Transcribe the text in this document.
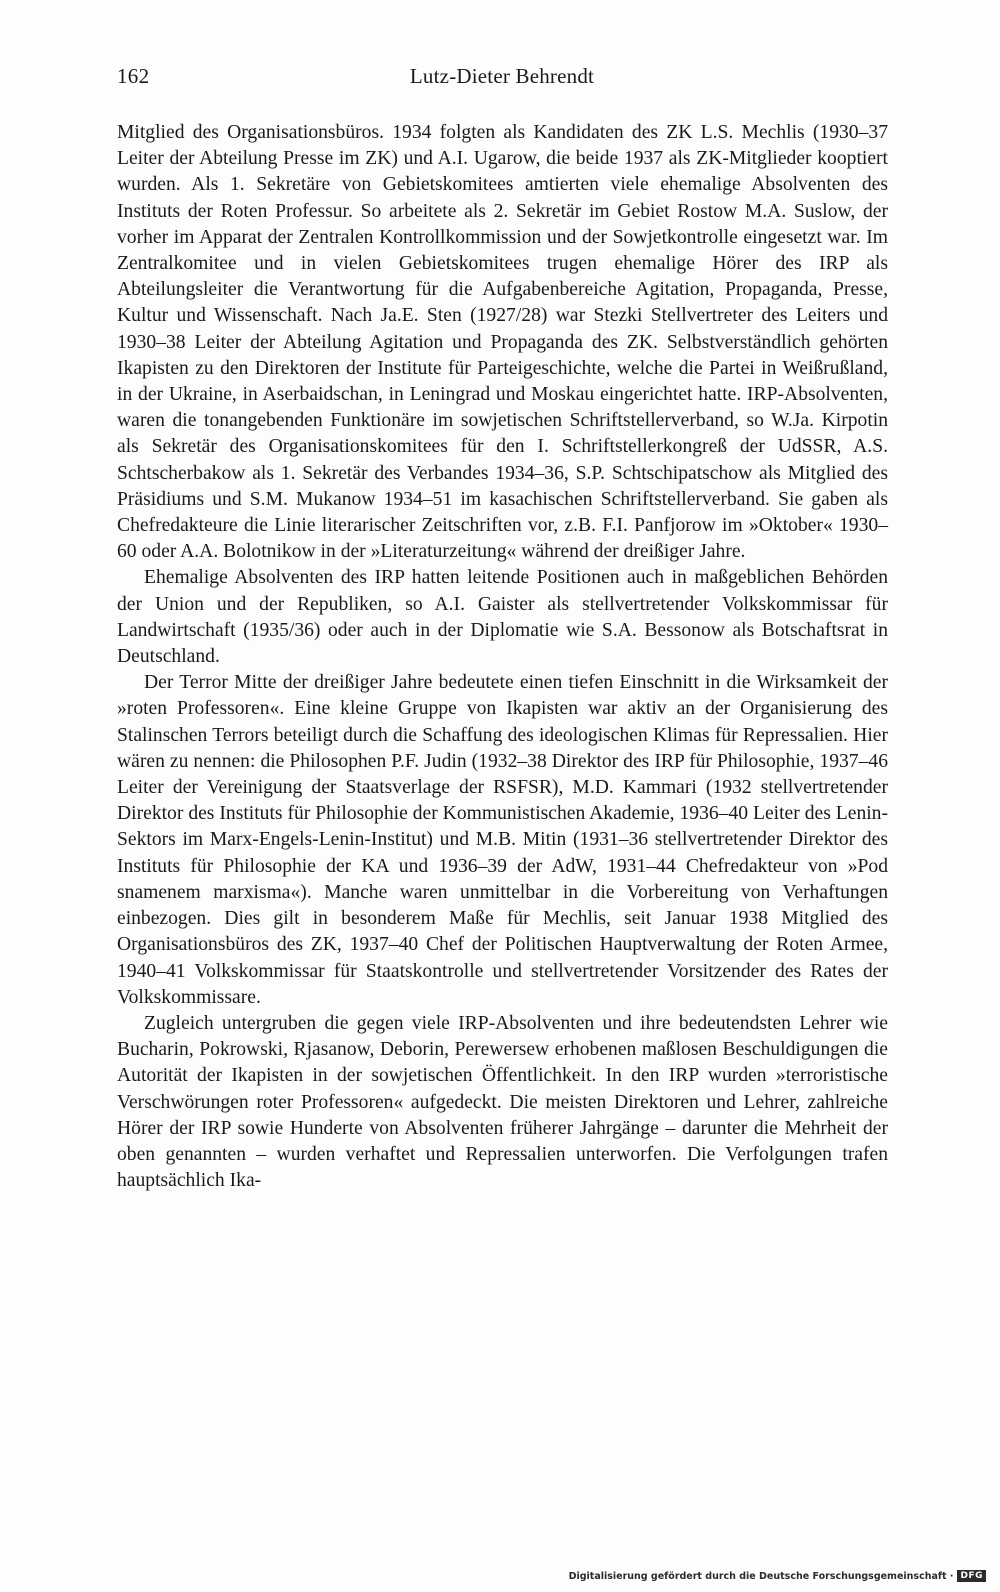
162	Lutz-Dieter Behrendt

Mitglied des Organisationsbüros. 1934 folgten als Kandidaten des ZK L.S. Mechlis (1930–37 Leiter der Abteilung Presse im ZK) und A.I. Ugarow, die beide 1937 als ZK-Mitglieder kooptiert wurden. Als 1. Sekretäre von Gebietskomitees amtierten viele ehemalige Absolventen des Instituts der Roten Professur. So arbeitete als 2. Sekretär im Gebiet Rostow M.A. Suslow, der vorher im Apparat der Zentralen Kontrollkommission und der Sowjetkontrolle eingesetzt war. Im Zentralkomitee und in vielen Gebietskomitees trugen ehemalige Hörer des IRP als Abteilungsleiter die Verantwortung für die Aufgabenbereiche Agitation, Propaganda, Presse, Kultur und Wissenschaft. Nach Ja.E. Sten (1927/28) war Stezki Stellvertreter des Leiters und 1930–38 Leiter der Abteilung Agitation und Propaganda des ZK. Selbstverständlich gehörten Ikapisten zu den Direktoren der Institute für Parteigeschichte, welche die Partei in Weißrußland, in der Ukraine, in Aserbaidschan, in Leningrad und Moskau eingerichtet hatte. IRP-Absolventen, waren die tonangebenden Funktionäre im sowjetischen Schriftstellerverband, so W.Ja. Kirpotin als Sekretär des Organisationskomitees für den I. Schriftstellerkongreß der UdSSR, A.S. Schtscherbakow als 1. Sekretär des Verbandes 1934–36, S.P. Schtschipatschow als Mitglied des Präsidiums und S.M. Mukanow 1934–51 im kasachischen Schriftstellerverband. Sie gaben als Chefredakteure die Linie literarischer Zeitschriften vor, z.B. F.I. Panfjorow im »Oktober« 1930–60 oder A.A. Bolotnikow in der »Literaturzeitung« während der dreißiger Jahre.

Ehemalige Absolventen des IRP hatten leitende Positionen auch in maßgeblichen Behörden der Union und der Republiken, so A.I. Gaister als stellvertretender Volkskommissar für Landwirtschaft (1935/36) oder auch in der Diplomatie wie S.A. Bessonow als Botschaftsrat in Deutschland.

Der Terror Mitte der dreißiger Jahre bedeutete einen tiefen Einschnitt in die Wirksamkeit der »roten Professoren«. Eine kleine Gruppe von Ikapisten war aktiv an der Organisierung des Stalinschen Terrors beteiligt durch die Schaffung des ideologischen Klimas für Repressalien. Hier wären zu nennen: die Philosophen P.F. Judin (1932–38 Direktor des IRP für Philosophie, 1937–46 Leiter der Vereinigung der Staatsverlage der RSFSR), M.D. Kammari (1932 stellvertretender Direktor des Instituts für Philosophie der Kommunistischen Akademie, 1936–40 Leiter des Lenin-Sektors im Marx-Engels-Lenin-Institut) und M.B. Mitin (1931–36 stellvertretender Direktor des Instituts für Philosophie der KA und 1936–39 der AdW, 1931–44 Chefredakteur von »Pod snamenem marxisma«). Manche waren unmittelbar in die Vorbereitung von Verhaftungen einbezogen. Dies gilt in besonderem Maße für Mechlis, seit Januar 1938 Mitglied des Organisationsbüros des ZK, 1937–40 Chef der Politischen Hauptverwaltung der Roten Armee, 1940–41 Volkskommissar für Staatskontrolle und stellvertretender Vorsitzender des Rates der Volkskommissare.

Zugleich untergruben die gegen viele IRP-Absolventen und ihre bedeutendsten Lehrer wie Bucharin, Pokrowski, Rjasanow, Deborin, Perewersew erhobenen maßlosen Beschuldigungen die Autorität der Ikapisten in der sowjetischen Öffentlichkeit. In den IRP wurden »terroristische Verschwörungen roter Professoren« aufgedeckt. Die meisten Direktoren und Lehrer, zahlreiche Hörer der IRP sowie Hunderte von Absolventen früherer Jahrgänge – darunter die Mehrheit der oben genannten – wurden verhaftet und Repressalien unterworfen. Die Verfolgungen trafen hauptsächlich Ika-

Digitalisierung gefördert durch die Deutsche Forschungsgemeinschaft · DFG
